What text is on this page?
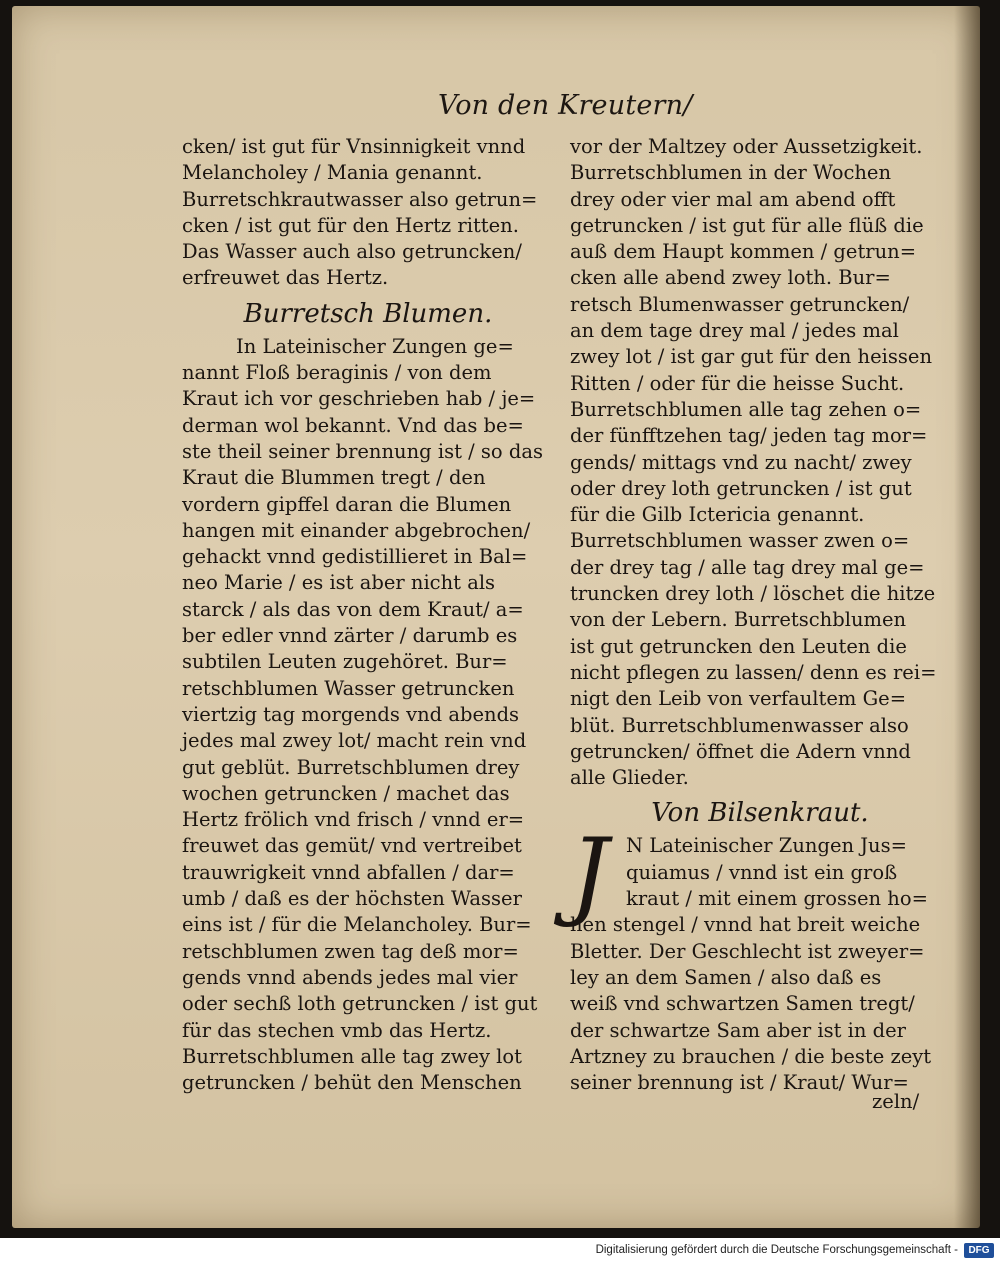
Von den Kreutern/
cken/ ist gut für Vnsinnigkeit vnnd
Melancholey / Mania genannt.
Burretschkrautwasser also getrun=
cken / ist gut für den Hertz ritten.
Das Wasser auch also getruncken/
erfreuwet das Hertz.
Burretsch Blumen.
In Lateinischer Zungen ge=
nannt Floß beraginis / von dem
Kraut ich vor geschrieben hab / je=
derman wol bekannt. Vnd das be=
ste theil seiner brennung ist / so das
Kraut die Blummen tregt / den
vordern gipffel daran die Blumen
hangen mit einander abgebrochen/
gehackt vnnd gedistillieret in Bal=
neo Marie / es ist aber nicht als
starck / als das von dem Kraut/ a=
ber edler vnnd zärter / darumb es
subtilen Leuten zugehöret. Bur=
retschblumen Wasser getruncken
viertzig tag morgends vnd abends
jedes mal zwey lot/ macht rein vnd
gut geblüt. Burretschblumen drey
wochen getruncken / machet das
Hertz frölich vnd frisch / vnnd er=
freuwet das gemüt/ vnd vertreibet
trauwrigkeit vnnd abfallen / dar=
umb / daß es der höchsten Wasser
eins ist / für die Melancholey. Bur=
retschblumen zwen tag deß mor=
gends vnnd abends jedes mal vier
oder sechß loth getruncken / ist gut
für das stechen vmb das Hertz.
Burretschblumen alle tag zwey lot
getruncken / behüt den Menschen
vor der Maltzey oder Aussetzigkeit.
Burretschblumen in der Wochen
drey oder vier mal am abend offt
getruncken / ist gut für alle flüß die
auß dem Haupt kommen / getrun=
cken alle abend zwey loth. Bur=
retsch Blumenwasser getruncken/
an dem tage drey mal / jedes mal
zwey lot / ist gar gut für den heissen
Ritten / oder für die heisse Sucht.
Burretschblumen alle tag zehen o=
der fünfftzehen tag/ jeden tag mor=
gends/ mittags vnd zu nacht/ zwey
oder drey loth getruncken / ist gut
für die Gilb Ictericia genannt.
Burretschblumen wasser zwen o=
der drey tag / alle tag drey mal ge=
truncken drey loth / löschet die hitze
von der Lebern. Burretschblumen
ist gut getruncken den Leuten die
nicht pflegen zu lassen/ denn es rei=
nigt den Leib von verfaultem Ge=
blüt. Burretschblumenwasser also
getruncken/ öffnet die Adern vnnd
alle Glieder.
Von Bilsenkraut.
J N Lateinischer Zungen Jus=
quiamus / vnnd ist ein groß
kraut / mit einem grossen ho=
hen stengel / vnnd hat breit weiche
Bletter. Der Geschlecht ist zweyer=
ley an dem Samen / also daß es
weiß vnd schwartzen Samen tregt/
der schwartze Sam aber ist in der
Artzney zu brauchen / die beste zeyt
seiner brennung ist / Kraut/ Wur=
zeln/
Digitalisierung gefördert durch die Deutsche Forschungsgemeinschaft -	DFG
